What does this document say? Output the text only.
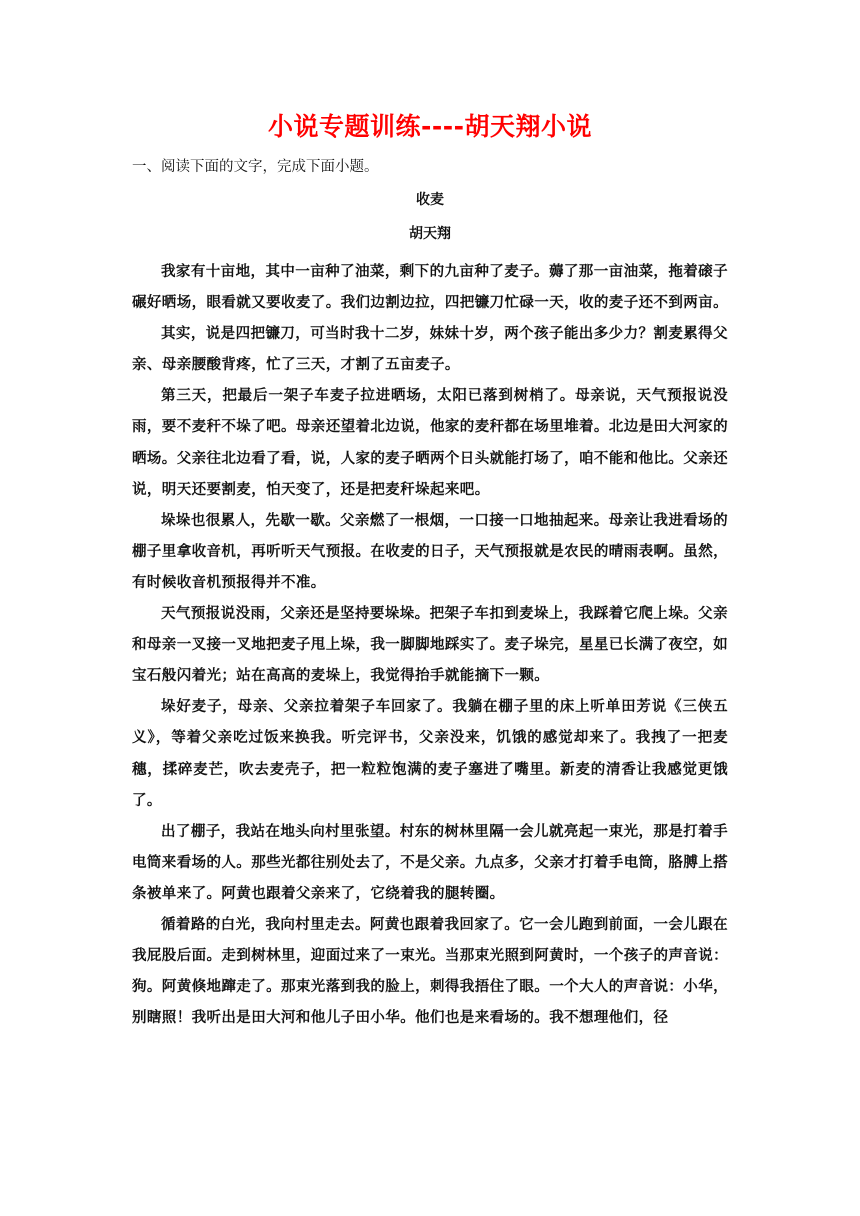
小说专题训练----胡天翔小说
一、阅读下面的文字，完成下面小题。
收麦
胡天翔

我家有十亩地，其中一亩种了油菜，剩下的九亩种了麦子。薅了那一亩油菜，拖着磙子碾好晒场，眼看就又要收麦了。我们边割边拉，四把镰刀忙碌一天，收的麦子还不到两亩。

其实，说是四把镰刀，可当时我十二岁，妹妹十岁，两个孩子能出多少力？割麦累得父亲、母亲腰酸背疼，忙了三天，才割了五亩麦子。

第三天，把最后一架子车麦子拉进晒场，太阳已落到树梢了。母亲说，天气预报说没雨，要不麦秆不垛了吧。母亲还望着北边说，他家的麦秆都在场里堆着。北边是田大河家的晒场。父亲往北边看了看，说，人家的麦子晒两个日头就能打场了，咱不能和他比。父亲还说，明天还要割麦，怕天变了，还是把麦秆垛起来吧。

垛垛也很累人，先歇一歇。父亲燃了一根烟，一口接一口地抽起来。母亲让我进看场的棚子里拿收音机，再听听天气预报。在收麦的日子，天气预报就是农民的晴雨表啊。虽然，有时候收音机预报得并不准。

天气预报说没雨，父亲还是坚持要垛垛。把架子车扣到麦垛上，我踩着它爬上垛。父亲和母亲一叉接一叉地把麦子甩上垛，我一脚脚地踩实了。麦子垛完，星星已长满了夜空，如宝石般闪着光；站在高高的麦垛上，我觉得抬手就能摘下一颗。

垛好麦子，母亲、父亲拉着架子车回家了。我躺在棚子里的床上听单田芳说《三侠五义》，等着父亲吃过饭来换我。听完评书，父亲没来，饥饿的感觉却来了。我拽了一把麦穗，揉碎麦芒，吹去麦壳子，把一粒粒饱满的麦子塞进了嘴里。新麦的清香让我感觉更饿了。

出了棚子，我站在地头向村里张望。村东的树林里隔一会儿就亮起一束光，那是打着手电筒来看场的人。那些光都往别处去了，不是父亲。九点多，父亲才打着手电筒，胳膊上搭条被单来了。阿黄也跟着父亲来了，它绕着我的腿转圈。

循着路的白光，我向村里走去。阿黄也跟着我回家了。它一会儿跑到前面，一会儿跟在我屁股后面。走到树林里，迎面过来了一束光。当那束光照到阿黄时，一个孩子的声音说：狗。阿黄倏地蹿走了。那束光落到我的脸上，刺得我捂住了眼。一个大人的声音说：小华，别瞎照！我听出是田大河和他儿子田小华。他们也是来看场的。我不想理他们，径
